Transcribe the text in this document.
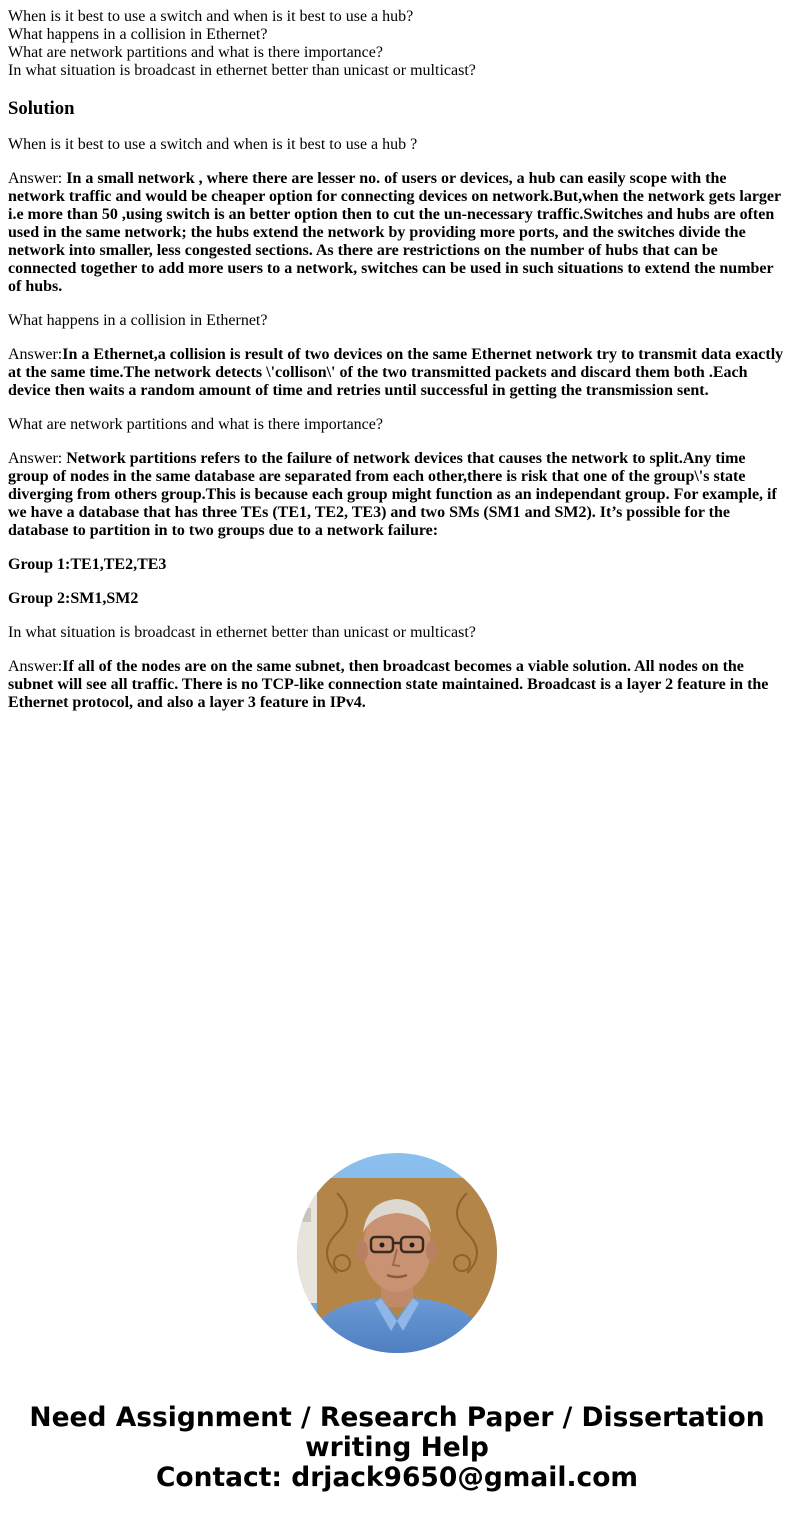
When is it best to use a switch and when is it best to use a hub?

What happens in a collision in Ethernet?

What are network partitions and what is there importance?

In what situation is broadcast in ethernet better than unicast or multicast?

Solution

When is it best to use a switch and when is it best to use a hub ?

Answer: In a small network , where there are lesser no. of users or devices, a hub can easily scope with the network traffic and would be cheaper option for connecting devices on network.But,when the network gets larger i.e more than 50 ,using switch is an better option then to cut the un-necessary traffic.Switches and hubs are often used in the same network; the hubs extend the network by providing more ports, and the switches divide the network into smaller, less congested sections. As there are restrictions on the number of hubs that can be connected together to add more users to a network, switches can be used in such situations to extend the number of hubs.

What happens in a collision in Ethernet?

Answer:In a Ethernet,a collision is result of two devices on the same Ethernet network try to transmit data exactly at the same time.The network detects \'collison\' of the two transmitted packets and discard them both .Each device then waits a random amount of time and retries until successful in getting the transmission sent.

What are network partitions and what is there importance?

Answer: Network partitions refers to the failure of network devices that causes the network to split.Any time group of nodes in the same database are separated from each other,there is risk that one of the group\'s state diverging from others group.This is because each group might function as an independant group. For example, if we have a database that has three TEs (TE1, TE2, TE3) and two SMs (SM1 and SM2). It’s possible for the database to partition in to two groups due to a network failure:

Group 1:TE1,TE2,TE3

Group 2:SM1,SM2

In what situation is broadcast in ethernet better than unicast or multicast?

Answer:If all of the nodes are on the same subnet, then broadcast becomes a viable solution. All nodes on the subnet will see all traffic. There is no TCP-like connection state maintained. Broadcast is a layer 2 feature in the Ethernet protocol, and also a layer 3 feature in IPv4.

Need Assignment / Research Paper / Dissertation
writing Help
Contact: drjack9650@gmail.com
